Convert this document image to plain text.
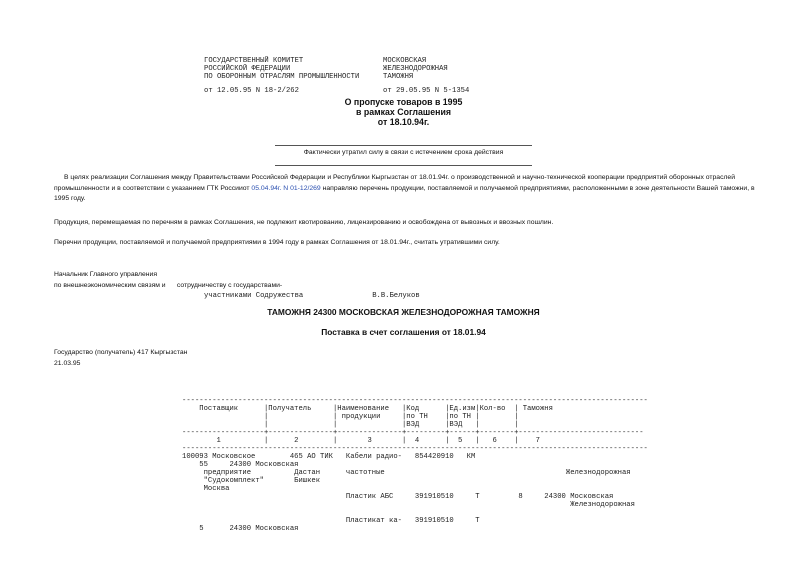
ГОСУДАРСТВЕННЫЙ КОМИТЕТ
РОССИЙСКОЙ ФЕДЕРАЦИИ
ПО ОБОРОННЫМ ОТРАСЛЯМ ПРОМЫШЛЕННОСТИ
МОСКОВСКАЯ
ЖЕЛЕЗНОДОРОЖНАЯ
ТАМОЖНЯ
от 12.05.95 N 18-2/262	от 29.05.95 N 5-1354
О пропуске товаров в 1995
в рамках Соглашения
от 18.10.94г.
Фактически утратил силу в связи с истечением срока действия
В целях реализации Соглашения между Правительствами Российской Федерации и Республики Кыргызстан от 18.01.94г. о производственной и научно-технической кооперации предприятий оборонных отраслей промышленности и в соответствии с указанием ГТК Россииот 05.04.94г. N 01-12/269 направляю перечень продукции, поставляемой и получаемой предприятиями, расположенными в зоне деятельности Вашей таможни, в 1995 году.
Продукция, перемещаемая по перечням в рамках Соглашения, не подлежит квотированию, лицензированию и освобождена от вывозных и ввозных пошлин.
Перечни продукции, поставляемой и получаемой предприятиями в 1994 году в рамках Соглашения от 18.01.94г., считать утратившими силу.
Начальник Главного управления
по внешнеэкономическим связям и      сотрудничеству с государствами-
участниками Содружества                В.В.Белуков
ТАМОЖНЯ 24300 МОСКОВСКАЯ ЖЕЛЕЗНОДОРОЖНАЯ ТАМОЖНЯ
Поставка в счет соглашения от 18.01.94
Государство (получатель) 417 Кыргызстан
21.03.95
------------------------------------------------------------------------------------------------------------
Поставщик      |Получатель     |Наименование   |Код      |Ед.изм|Кол-во  | Таможня
|               | продукции     |по ТН    |по ТН |        |
|               |               |ВЭД      |ВЭД   |        |
-------------------+---------------+---------------+---------+------+--------+-----------------------------
1          |      2        |       3       |  4      |  5   |   6    |    7
------------------------------------------------------------------------------------------------------------
100093 Московское        465 АО ТИК   Кабели радио-   854420910   КМ
55     24300 Московская
предприятие          Дастан      частотные                                          Железнодорожная
"Судокомплект"       Бишкек
Москва
Пластик АБС     391910510     Т         8     24300 Московская
Железнодорожная

Пластикат ка-   391910510     Т
5      24300 Московская
